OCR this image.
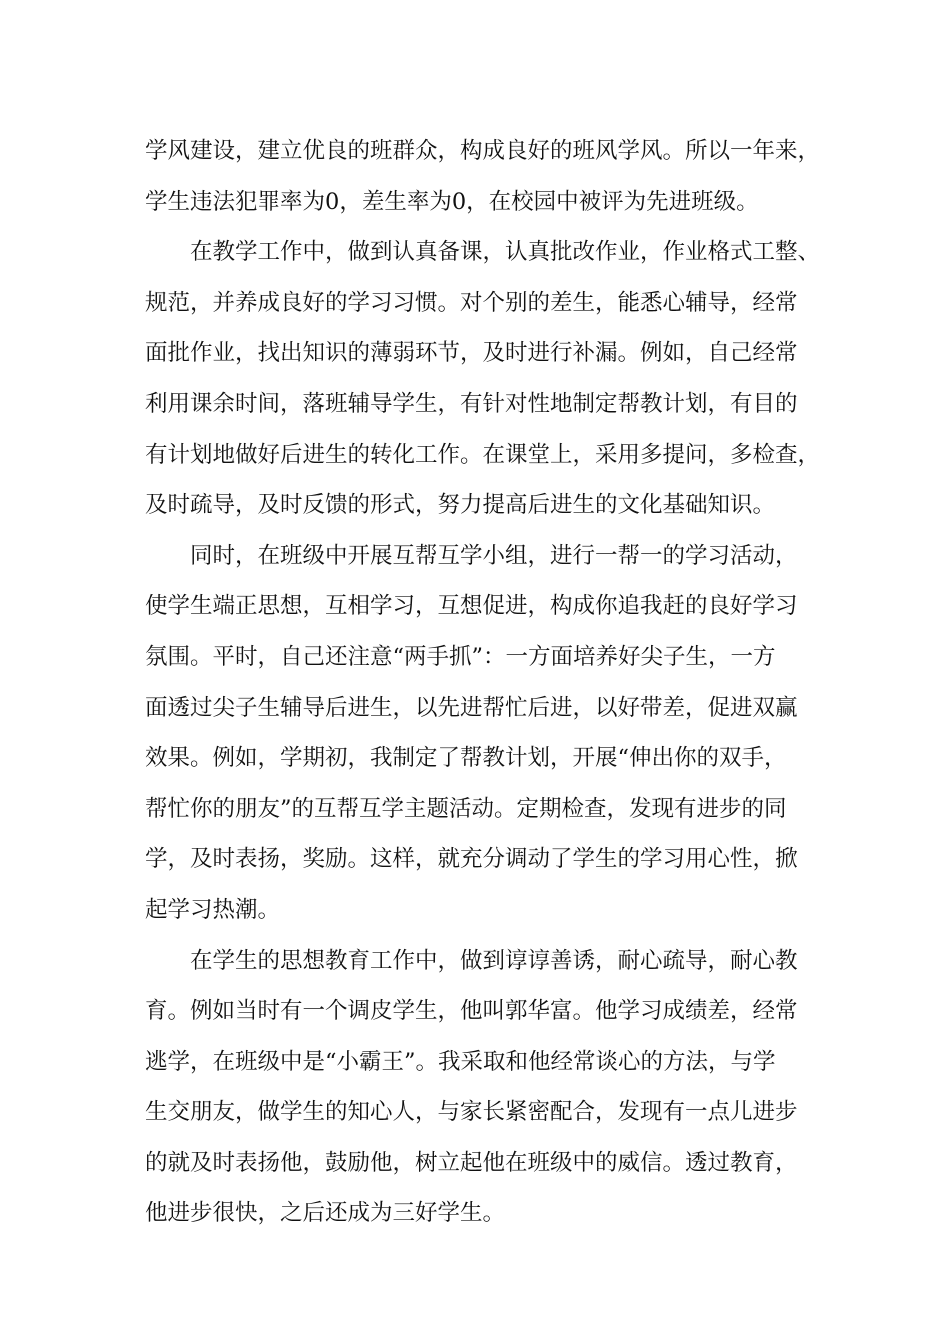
学风建设，建立优良的班群众，构成良好的班风学风。所以一年来，
学生违法犯罪率为0，差生率为0，在校园中被评为先进班级。
　　在教学工作中，做到认真备课，认真批改作业，作业格式工整、
规范，并养成良好的学习习惯。对个别的差生，能悉心辅导，经常
面批作业，找出知识的薄弱环节，及时进行补漏。例如，自己经常
利用课余时间，落班辅导学生，有针对性地制定帮教计划，有目的
有计划地做好后进生的转化工作。在课堂上，采用多提问，多检查，
及时疏导，及时反馈的形式，努力提高后进生的文化基础知识。
　　同时，在班级中开展互帮互学小组，进行一帮一的学习活动，
使学生端正思想，互相学习，互想促进，构成你追我赶的良好学习
氛围。平时，自己还注意“两手抓”：一方面培养好尖子生，一方
面透过尖子生辅导后进生，以先进帮忙后进，以好带差，促进双赢
效果。例如，学期初，我制定了帮教计划，开展“伸出你的双手，
帮忙你的朋友”的互帮互学主题活动。定期检查，发现有进步的同
学，及时表扬，奖励。这样，就充分调动了学生的学习用心性，掀
起学习热潮。
　　在学生的思想教育工作中，做到谆谆善诱，耐心疏导，耐心教
育。例如当时有一个调皮学生，他叫郭华富。他学习成绩差，经常
逃学，在班级中是“小霸王”。我采取和他经常谈心的方法，与学
生交朋友，做学生的知心人，与家长紧密配合，发现有一点儿进步
的就及时表扬他，鼓励他，树立起他在班级中的威信。透过教育，
他进步很快，之后还成为三好学生。
